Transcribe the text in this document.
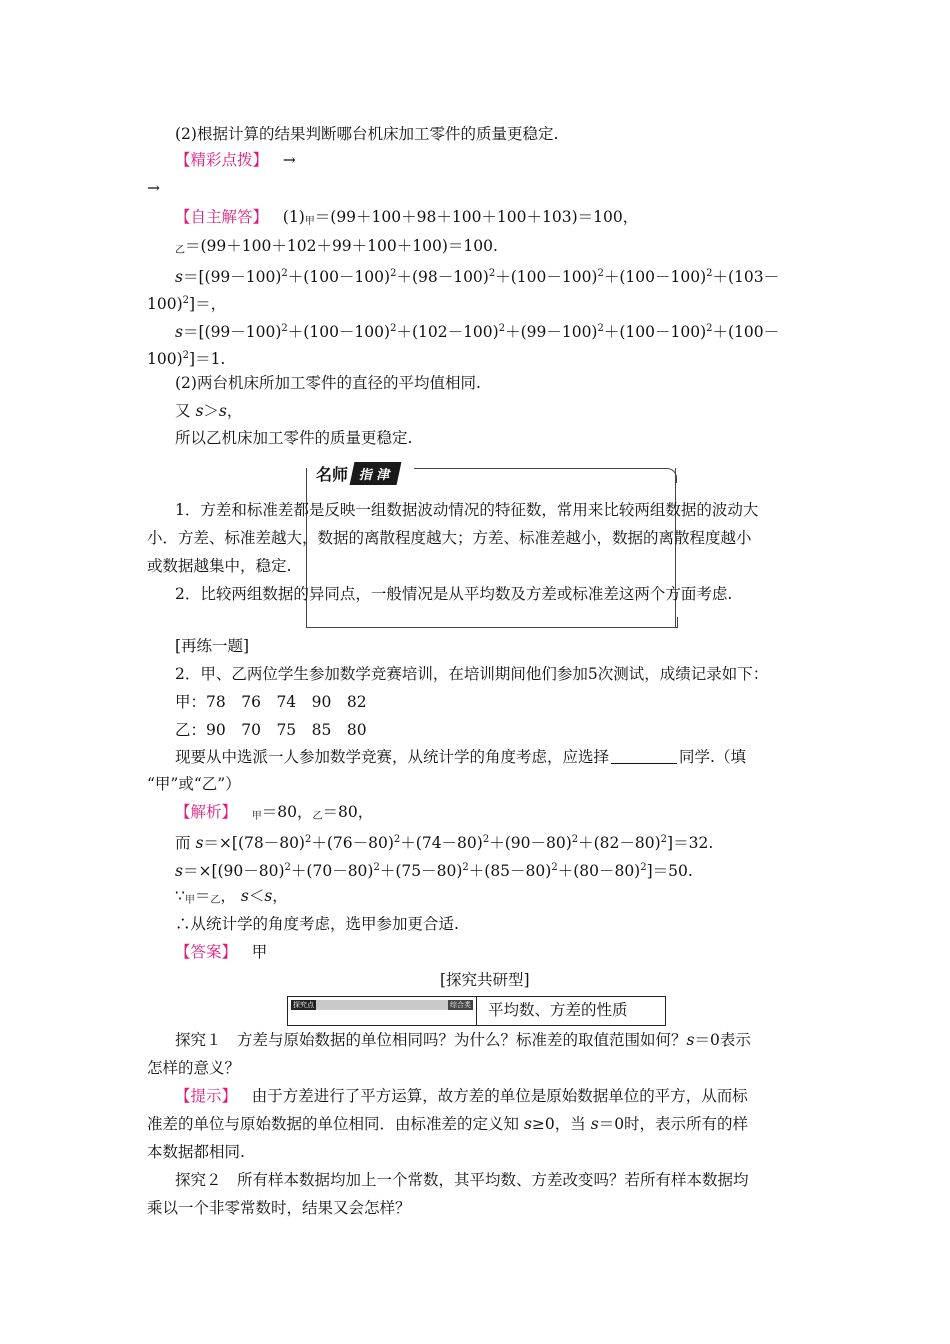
(2)根据计算的结果判断哪台机床加工零件的质量更稳定.
【精彩点拨】 →
→
【自主解答】 $(1)_甲=(99+100+98+100+100+103)=100$，
$_乙$＝(99＋100＋102＋99＋100＋100)＝100.
$s=[(99-100)^2+(100-100)^2+(98-100)^2+(100-100)^2+(100-100)^2+(103-$
100)$^2$]＝，
$s=[(99-100)^2+(100-100)^2+(102-100)^2+(99-100)^2+(100-100)^2+(100-$
100)$^2$]＝1.
(2)两台机床所加工零件的直径的平均值相同.
又 s＞s，
所以乙机床加工零件的质量更稳定.
名师 指 津
1．方差和标准差都是反映一组数据波动情况的特征数，常用来比较两组数据的波动大
小．方差、标准差越大，数据的离散程度越大；方差、标准差越小，数据的离散程度越小
或数据越集中，稳定.
2．比较两组数据的异同点，一般情况是从平均数及方差或标准差这两个方面考虑.
[再练一题]
2．甲、乙两位学生参加数学竞赛培训，在培训期间他们参加5次测试，成绩记录如下：
甲：78　76　74　90　82
乙：90　70　75　85　80
现要从中选派一人参加数学竞赛，从统计学的角度考虑，应选择	同学.（填
“甲”或“乙”）
【解析】 $_甲$＝80，$_乙$＝80，
而 $s=\times[(78-80)^2+(76-80)^2+(74-80)^2+(90-80)^2+(82-80)^2]=32$.
$s=\times[(90-80)^2+(70-80)^2+(75-80)^2+(85-80)^2+(80-80)^2]=50$.
$\because_甲=_乙$， s＜s，
∴从统计学的角度考虑，选甲参加更合适.
【答案】 甲
[探究共研型]
探究点	综合类 平均数、方差的性质
探究１　方差与原始数据的单位相同吗？为什么？标准差的取值范围如何？s＝0表示
怎样的意义？
【提示】 由于方差进行了平方运算，故方差的单位是原始数据单位的平方，从而标
准差的单位与原始数据的单位相同．由标准差的定义知 s≥0，当 s＝0时，表示所有的样
本数据都相同.
探究２　所有样本数据均加上一个常数，其平均数、方差改变吗？若所有样本数据均
乘以一个非零常数时，结果又会怎样？
